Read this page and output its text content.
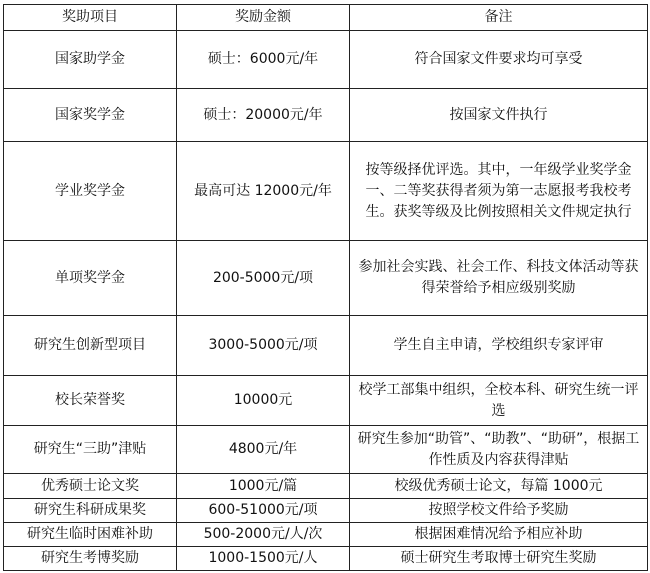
奖助项目	奖励金额	备注
国家助学金	硕士：6000元/年	符合国家文件要求均可享受
国家奖学金	硕士：20000元/年	按国家文件执行
学业奖学金	最高可达 12000元/年	按等级择优评选。其中，一年级学业奖学金一、二等奖获得者须为第一志愿报考我校考生。获奖等级及比例按照相关文件规定执行
单项奖学金	200-5000元/项	参加社会实践、社会工作、科技文体活动等获得荣誉给予相应级别奖励
研究生创新型项目	3000-5000元/项	学生自主申请，学校组织专家评审
校长荣誉奖	10000元	校学工部集中组织，全校本科、研究生统一评选
研究生“三助”津贴	4800元/年	研究生参加“助管”、“助教”、“助研”，根据工作性质及内容获得津贴
优秀硕士论文奖	1000元/篇	校级优秀硕士论文，每篇 1000元
研究生科研成果奖	600-51000元/项	按照学校文件给予奖励
研究生临时困难补助	500-2000元/人/次	根据困难情况给予相应补助
研究生考博奖励	1000-1500元/人	硕士研究生考取博士研究生奖励
